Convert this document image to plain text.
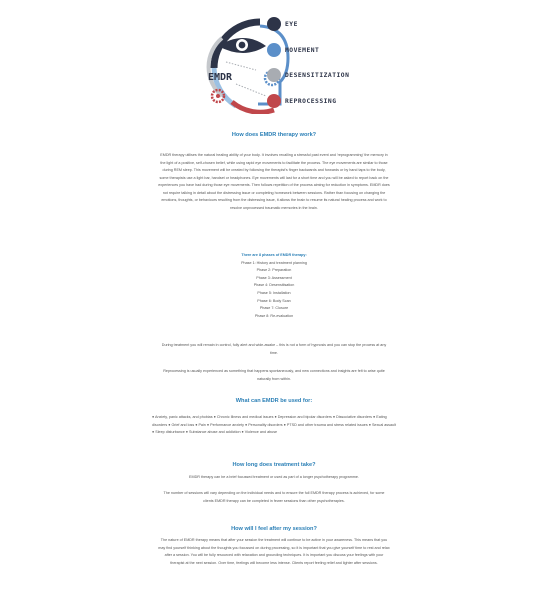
EMDR
EYE
MOVEMENT
DESENSITIZATION
REPROCESSING
How does EMDR therapy work?

EMDR therapy utilises the natural healing ability of your body. It involves recalling a stressful past event and 'reprogramming' the memory in the light of a positive, self-chosen belief, while using rapid eye movements to facilitate the process. The eye movements are similar to those during REM sleep. This movement will be created by following the therapist's finger backwards and forwards or by hand taps to the body, some therapists use a light bar, handset or headphones. Eye movements will last for a short time and you will be asked to report back on the experiences you have had during those eye movements. Then follows repetition of the process aiming for reduction in symptoms. EMDR does not require talking in detail about the distressing issue or completing homework between sessions. Rather than focusing on changing the emotions, thoughts, or behaviours resulting from the distressing issue, it allows the brain to resume its natural healing process and work to resolve unprocessed traumatic memories in the brain.

There are 8 phases of EMDR therapy:
Phase 1: History and treatment planning
Phase 2: Preparation
Phase 3: Assessment
Phase 4: Desensitisation
Phase 5: Installation
Phase 6: Body Scan
Phase 7: Closure
Phase 8: Re-evaluation

During treatment you will remain in control, fully alert and wide-awake – this is not a form of hypnosis and you can stop the process at any time.

Reprocessing is usually experienced as something that happens spontaneously, and new connections and insights are felt to arise quite naturally from within.

What can EMDR be used for:

● Anxiety, panic attacks, and phobias ● Chronic Illness and medical issues ● Depression and bipolar disorders ● Dissociative disorders ● Eating disorders ● Grief and loss ● Pain ● Performance anxiety ● Personality disorders ● PTSD and other trauma and stress related issues ● Sexual assault ● Sleep disturbance ● Substance abuse and addiction ● Violence and abuse

How long does treatment take?

EMDR therapy can be a brief focussed treatment or used as part of a longer psychotherapy programme.

The number of sessions will vary depending on the individual needs and to ensure the full EMDR therapy process is achieved, for some clients EMDR therapy can be completed in fewer sessions than other psychotherapies.

How will I feel after my session?

The nature of EMDR therapy means that after your session the treatment will continue to be active in your awareness. This means that you may find yourself thinking about the thoughts you focussed on during processing, so it is important that you give yourself time to rest and relax after a session. You will be fully resourced with relaxation and grounding techniques. It is important you discuss your feelings with your therapist at the next session. Over time, feelings will become less intense. Clients report feeling relief and lighter after sessions.
